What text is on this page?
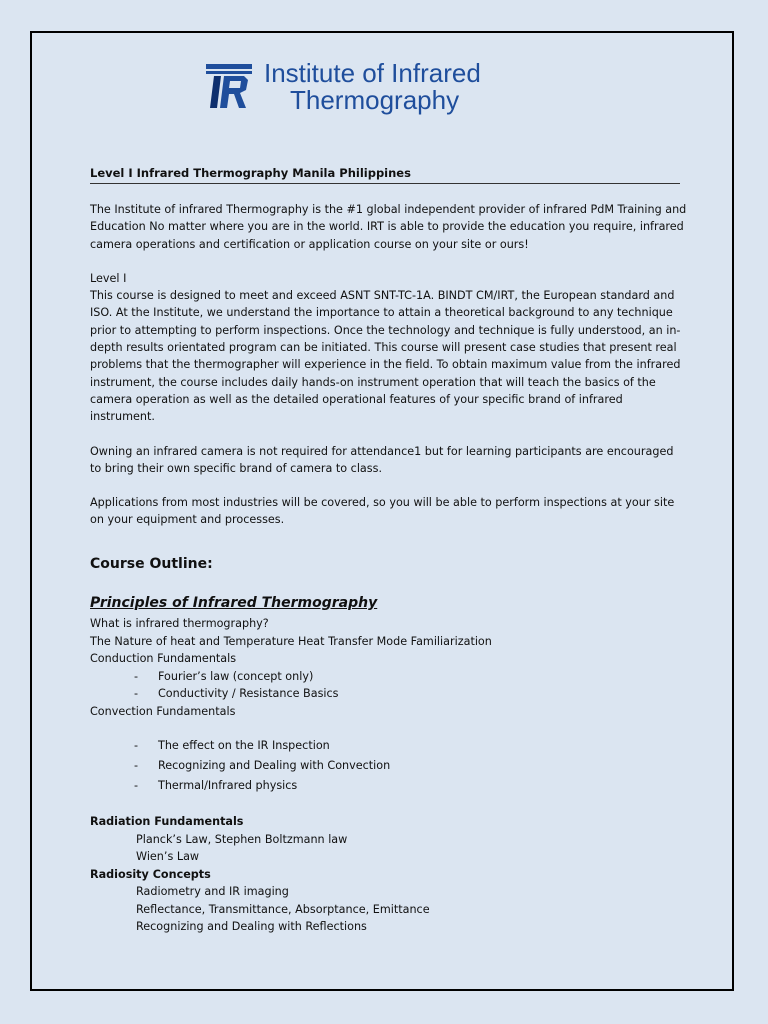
Institute of Infrared
Thermography
Level I Infrared Thermography Manila Philippines

The Institute of infrared Thermography is the #1 global independent provider of infrared PdM Training and Education No matter where you are in the world. IRT is able to provide the education you require, infrared camera operations and certification or application course on your site or ours!

Level I
This course is designed to meet and exceed ASNT SNT-TC-1A. BINDT CM/IRT, the European standard and ISO. At the Institute, we understand the importance to attain a theoretical background to any technique prior to attempting to perform inspections. Once the technology and technique is fully understood, an in-depth results orientated program can be initiated. This course will present case studies that present real problems that the thermographer will experience in the field. To obtain maximum value from the infrared instrument, the course includes daily hands-on instrument operation that will teach the basics of the camera operation as well as the detailed operational features of your specific brand of infrared instrument.

Owning an infrared camera is not required for attendance1 but for learning participants are encouraged to bring their own specific brand of camera to class.

Applications from most industries will be covered, so you will be able to perform inspections at your site on your equipment and processes.

Course Outline:
Principles of Infrared Thermography
What is infrared thermography?
The Nature of heat and Temperature Heat Transfer Mode Familiarization
Conduction Fundamentals
- Fourier’s law (concept only)
- Conductivity / Resistance Basics
Convection Fundamentals
- The effect on the IR Inspection
- Recognizing and Dealing with Convection
- Thermal/Infrared physics
Radiation Fundamentals
Planck’s Law, Stephen Boltzmann law
Wien’s Law
Radiosity Concepts
Radiometry and IR imaging
Reflectance, Transmittance, Absorptance, Emittance
Recognizing and Dealing with Reflections
